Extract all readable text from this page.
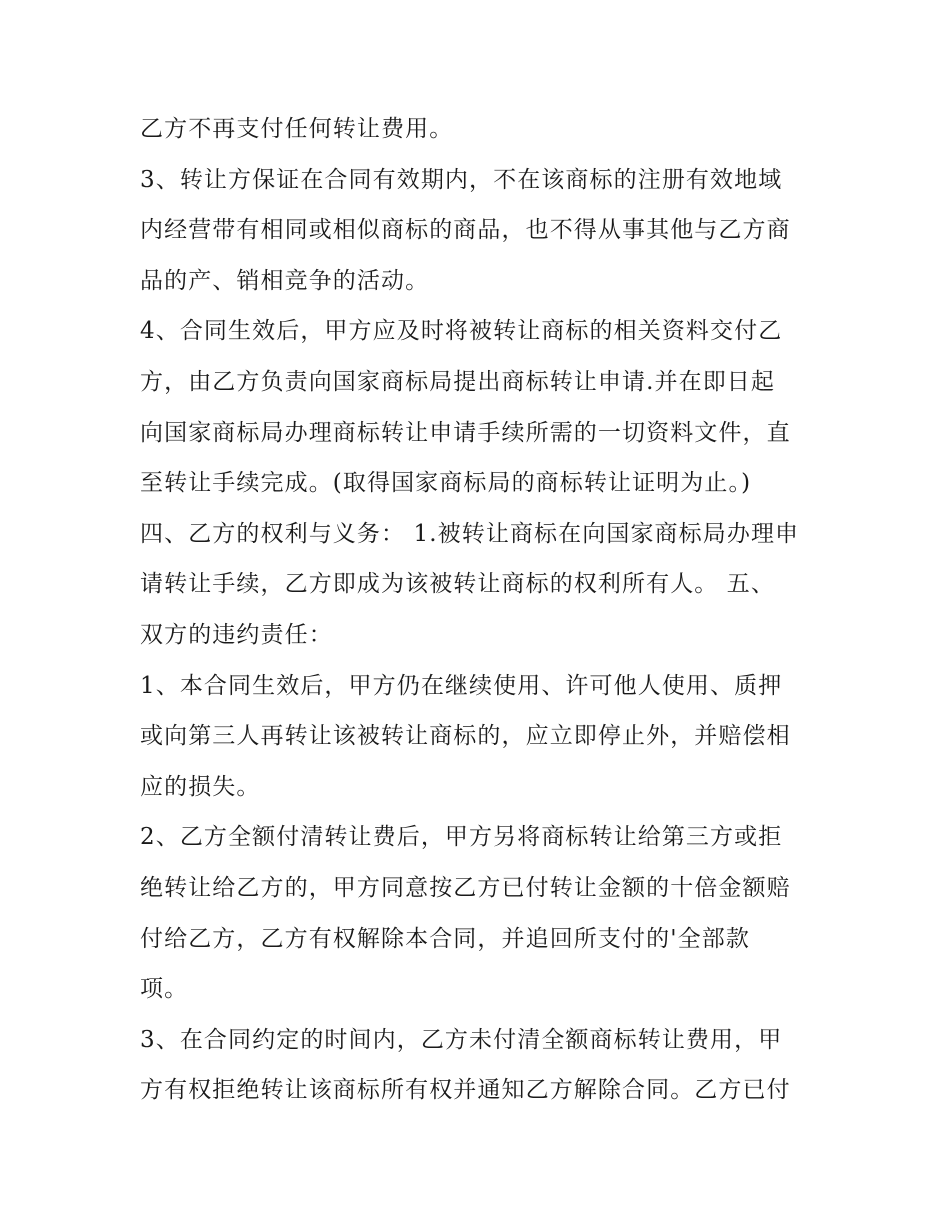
乙方不再支付任何转让费用。
3、转让方保证在合同有效期内，不在该商标的注册有效地域
内经营带有相同或相似商标的商品，也不得从事其他与乙方商
品的产、销相竞争的活动。
4、合同生效后，甲方应及时将被转让商标的相关资料交付乙
方，由乙方负责向国家商标局提出商标转让申请.并在即日起
向国家商标局办理商标转让申请手续所需的一切资料文件，直
至转让手续完成。(取得国家商标局的商标转让证明为止。)
四、乙方的权利与义务： 1.被转让商标在向国家商标局办理申
请转让手续，乙方即成为该被转让商标的权利所有人。 五、
双方的违约责任：
1、本合同生效后，甲方仍在继续使用、许可他人使用、质押
或向第三人再转让该被转让商标的，应立即停止外，并赔偿相
应的损失。
2、乙方全额付清转让费后，甲方另将商标转让给第三方或拒
绝转让给乙方的，甲方同意按乙方已付转让金额的十倍金额赔
付给乙方，乙方有权解除本合同，并追回所支付的'全部款
项。
3、在合同约定的时间内，乙方未付清全额商标转让费用，甲
方有权拒绝转让该商标所有权并通知乙方解除合同。乙方已付
